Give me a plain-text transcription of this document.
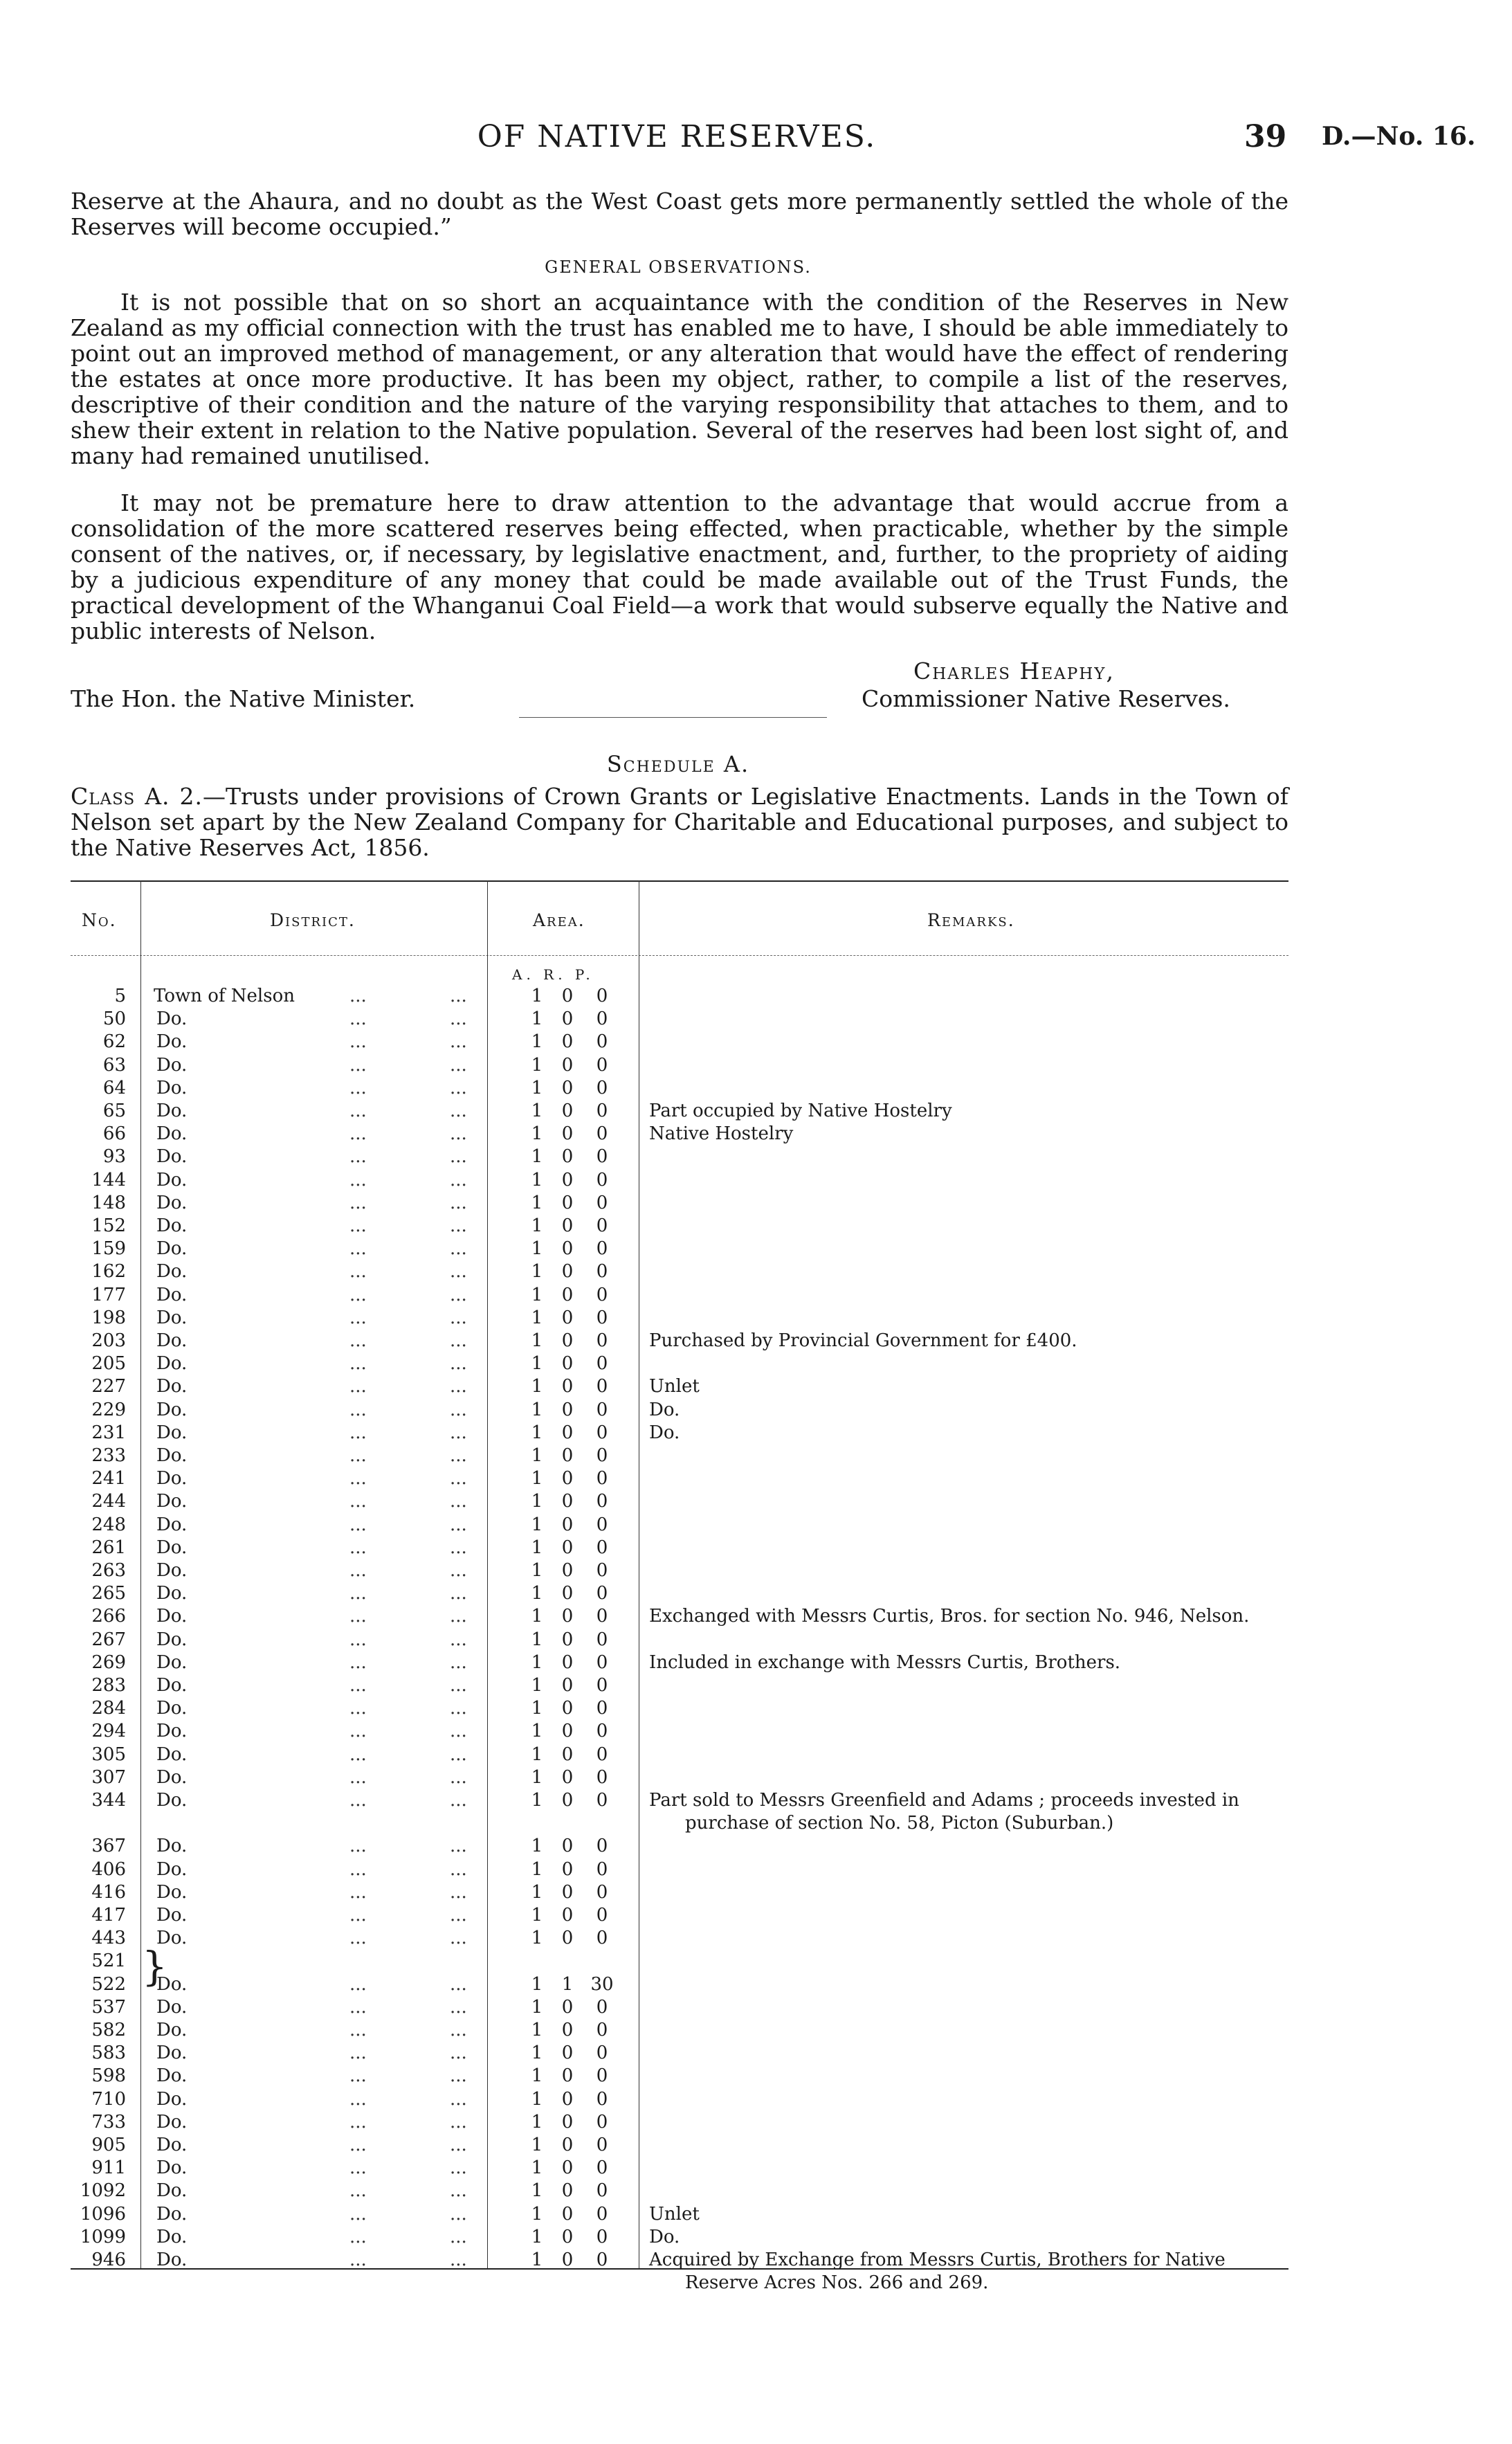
OF NATIVE RESERVES.	39 D.—No. 16.
Reserve at the Ahaura, and no doubt as the West Coast gets more permanently settled the whole of the Reserves will become occupied.”
GENERAL OBSERVATIONS.
It is not possible that on so short an acquaintance with the condition of the Reserves in New Zealand as my official connection with the trust has enabled me to have, I should be able immediately to point out an improved method of management, or any alteration that would have the effect of rendering the estates at once more productive. It has been my object, rather, to compile a list of the reserves, descriptive of their condition and the nature of the varying responsibility that attaches to them, and to shew their extent in relation to the Native population. Several of the reserves had been lost sight of, and many had remained unutilised.
It may not be premature here to draw attention to the advantage that would accrue from a consolidation of the more scattered reserves being effected, when practicable, whether by the simple consent of the natives, or, if necessary, by legislative enactment, and, further, to the propriety of aiding by a judicious expenditure of any money that could be made available out of the Trust Funds, the practical development of the Whanganui Coal Field—a work that would subserve equally the Native and public interests of Nelson.
Charles Heaphy,
Commissioner Native Reserves.
The Hon. the Native Minister.
Schedule A.
Class A. 2.—Trusts under provisions of Crown Grants or Legislative Enactments. Lands in the Town of Nelson set apart by the New Zealand Company for Charitable and Educational purposes, and subject to the Native Reserves Act, 1856.
No.	District.	Area.	Remarks.
A. R. P.
5 Town of Nelson	...	...	1 0	0
50 Do.	...	...	1 0	0
62 Do.	...	...	1 0	0
63 Do.	...	...	1 0	0
64 Do.	...	...	1 0	0
65 Do.	...	...	1 0	0	Part occupied by Native Hostelry
66 Do.	...	...	1 0	0	Native Hostelry
93 Do.	...	...	1 0	0
144 Do.	...	...	1 0	0
148 Do.	...	...	1 0	0
152 Do.	...	...	1 0	0
159 Do.	...	...	1 0	0
162 Do.	...	...	1 0	0
177 Do.	...	...	1 0	0
198 Do.	...	...	1 0	0
203 Do.	...	...	1 0	0	Purchased by Provincial Government for £400.
205 Do.	...	...	1 0	0
227 Do.	...	...	1 0	0	Unlet
229 Do.	...	...	1 0	0	Do.
231 Do.	...	...	1 0	0	Do.
233 Do.	...	...	1 0	0
241 Do.	...	...	1 0	0
244 Do.	...	...	1 0	0
248 Do.	...	...	1 0	0
261 Do.	...	...	1 0	0
263 Do.	...	...	1 0	0
265 Do.	...	...	1 0	0
266 Do.	...	...	1 0	0	Exchanged with Messrs Curtis, Bros. for section No. 946, Nelson.
267 Do.	...	...	1 0	0
269 Do.	...	...	1 0	0	Included in exchange with Messrs Curtis, Brothers.
283 Do.	...	...	1 0	0
284 Do.	...	...	1 0	0
294 Do.	...	...	1 0	0
305 Do.	...	...	1 0	0
307 Do.	...	...	1 0	0
344 Do.	...	...	1 0	0	Part sold to Messrs Greenfield and Adams ; proceeds invested in
purchase of section No. 58, Picton (Suburban.)
367 Do.	...	...	1 0	0
406 Do.	...	...	1 0	0
416 Do.	...	...	1 0	0
417 Do.	...	...	1 0	0
443 Do.	...	...	1 0	0
521 }
522 Do.	...	...	1 1 30
537 Do.	...	...	1 0	0
582 Do.	...	...	1 0	0
583 Do.	...	...	1 0	0
598 Do.	...	...	1 0	0
710 Do.	...	...	1 0	0
733 Do.	...	...	1 0	0
905 Do.	...	...	1 0	0
911 Do.	...	...	1 0	0
1092 Do.	...	...	1 0	0
1096 Do.	...	...	1 0	0	Unlet
1099 Do.	...	...	1 0	0	Do.
946 Do.	...	...	1 0	0	Acquired by Exchange from Messrs Curtis, Brothers for Native
Reserve Acres Nos. 266 and 269.
